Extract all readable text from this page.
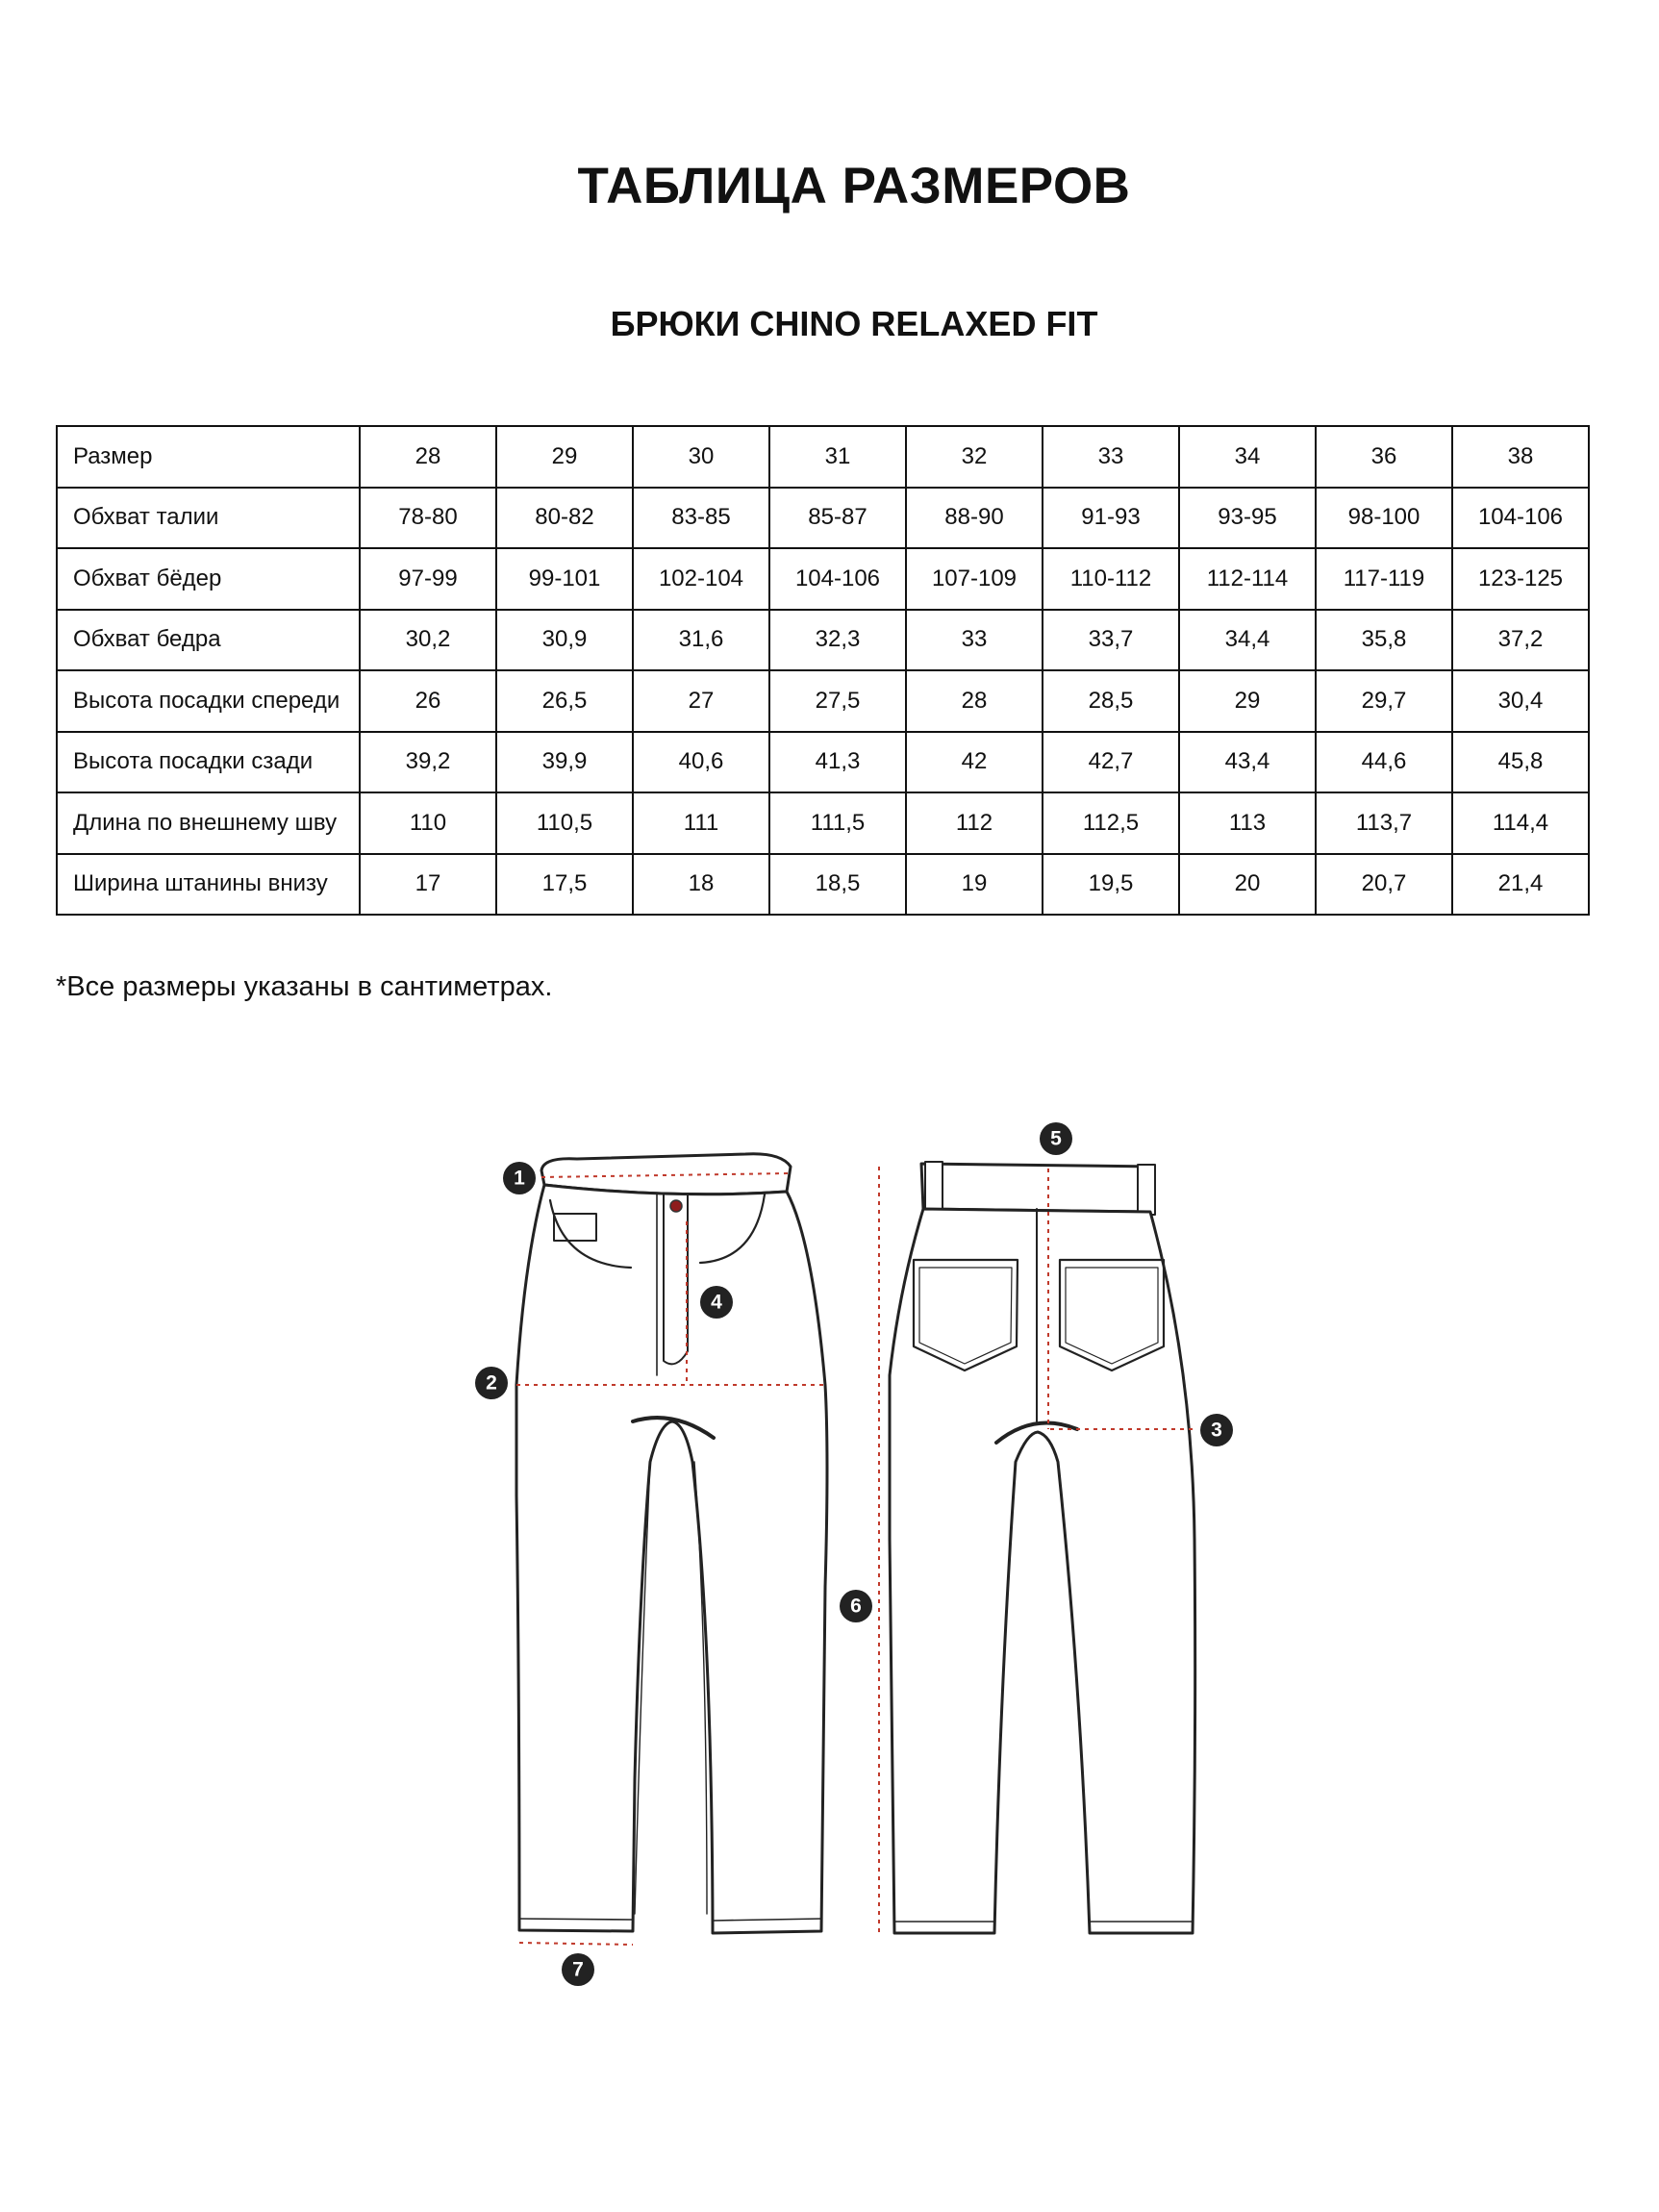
ТАБЛИЦА РАЗМЕРОВ
БРЮКИ CHINO RELAXED FIT
Размер	28	29	30	31	32	33	34	36	38
Обхват талии	78-80	80-82	83-85	85-87	88-90	91-93	93-95	98-100	104-106
Обхват бёдер	97-99	99-101	102-104	104-106	107-109	110-112	112-114	117-119	123-125
Обхват бедра	30,2	30,9	31,6	32,3	33	33,7	34,4	35,8	37,2
Высота посадки спереди	26	26,5	27	27,5	28	28,5	29	29,7	30,4
Высота посадки сзади	39,2	39,9	40,6	41,3	42	42,7	43,4	44,6	45,8
Длина по внешнему шву	110	110,5	111	111,5	112	112,5	113	113,7	114,4
Ширина штанины внизу	17	17,5	18	18,5	19	19,5	20	20,7	21,4
*Все размеры указаны в сантиметрах.
1
2
3
4
5
6
7
